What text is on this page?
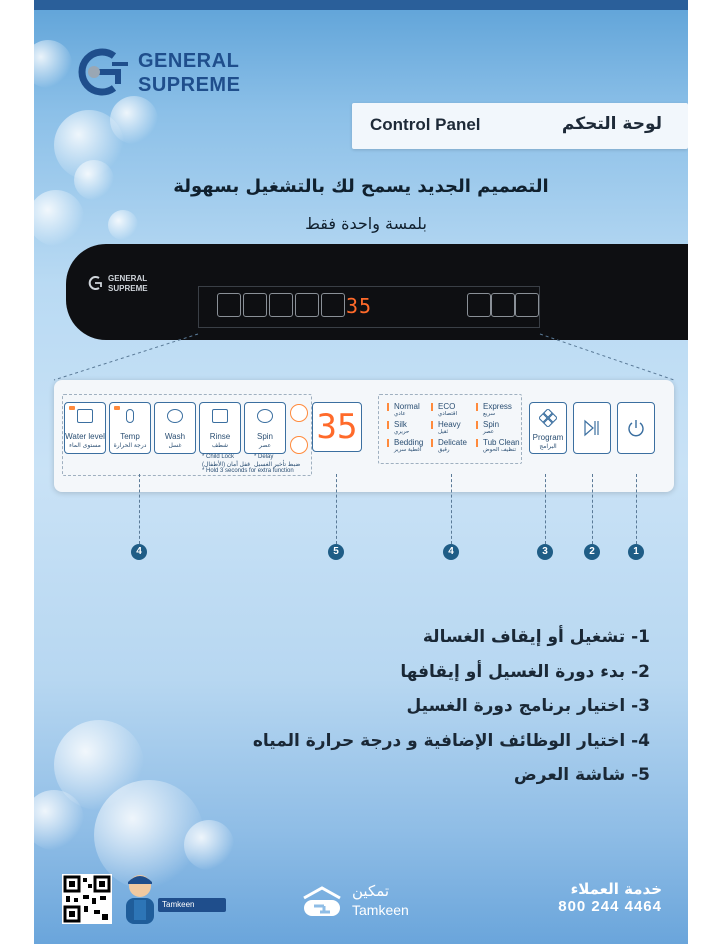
GENERAL
SUPREME
Control Panel	لوحة التحكم
التصميم الجديد يسمح لك بالتشغيل بسهولة
بلمسة واحدة فقط
GENERAL
SUPREME
35
Water level
مستوى الماء
Temp
درجة الحرارة
Wash
غسل
Rinse
شطف
Spin
عصر
* Child Lock	* Delay
قفل أمان (الأطفال) ضبط تأخير الغسيل
* Hold 3 seconds for extra function
35
Normal
عادي
ECO
اقتصادي
Express
سريع
Silk
حريري
Heavy
ثقيل
Spin
عصر
Bedding
أغطية سرير
Delicate
رقيق
Tub Clean
تنظيف الحوض
Program
البرامج
4	5	4	3	2	1
1- تشغيل أو إيقاف الغسالة
2- بدء دورة الغسيل أو إيقافها
3- اختيار برنامج دورة الغسيل
4- اختيار الوظائف الإضافية و درجة حرارة المياه
5- شاشة العرض
Tamkeen
تمكين
Tamkeen
خدمة العملاء
800 244 4464
